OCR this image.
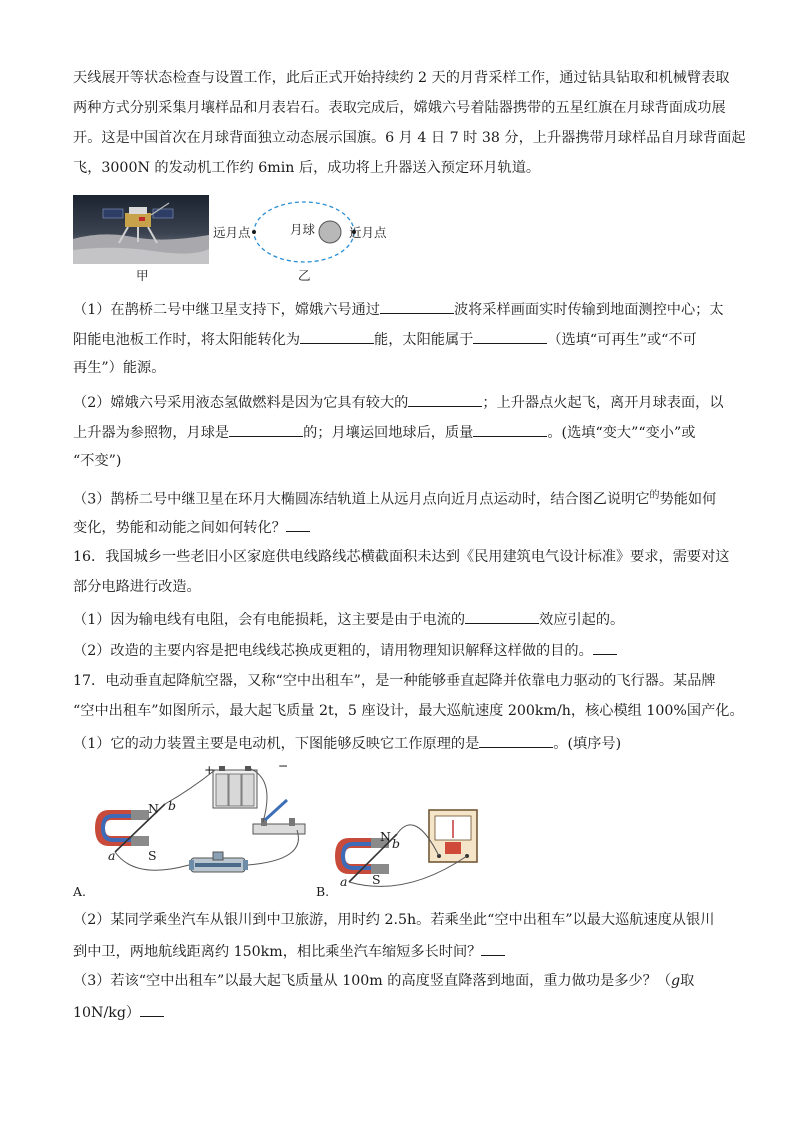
天线展开等状态检查与设置工作，此后正式开始持续约 2 天的月背采样工作，通过钻具钻取和机械臂表取
两种方式分别采集月壤样品和月表岩石。表取完成后，嫦娥六号着陆器携带的五星红旗在月球背面成功展
开。这是中国首次在月球背面独立动态展示国旗。6 月 4 日 7 时 38 分，上升器携带月球样品自月球背面起
飞，3000N 的发动机工作约 6min 后，成功将上升器送入预定环月轨道。
甲
远月点	月球	近月点
乙
（1）在鹊桥二号中继卫星支持下，嫦娥六号通过	波将采样画面实时传输到地面测控中心；太
阳能电池板工作时，将太阳能转化为	能，太阳能属于	（选填“可再生”或“不可
再生”）能源。
（2）嫦娥六号采用液态氢做燃料是因为它具有较大的	；上升器点火起飞，离开月球表面，以
上升器为参照物，月球是	的；月壤运回地球后，质量	。(选填“变大”“变小”或
“不变”)
（3）鹊桥二号中继卫星在环月大椭圆冻结轨道上从远月点向近月点运动时，结合图乙说明它$^的$势能如何
变化，势能和动能之间如何转化？
16．我国城乡一些老旧小区家庭供电线路线芯横截面积未达到《民用建筑电气设计标准》要求，需要对这
部分电路进行改造。
（1）因为输电线有电阻，会有电能损耗，这主要是由于电流的	效应引起的。
（2）改造的主要内容是把电线线芯换成更粗的，请用物理知识解释这样做的目的。
17．电动垂直起降航空器，又称“空中出租车”，是一种能够垂直起降并依靠电力驱动的飞行器。某品牌
“空中出租车”如图所示，最大起飞质量 2t，5 座设计，最大巡航速度 200km/h，核心模组 100%国产化。
（1）它的动力装置主要是电动机，下图能够反映它工作原理的是	。(填序号)
N
S
a
b
+	−
A.
N
S
a
b
B.
（2）某同学乘坐汽车从银川到中卫旅游，用时约 2.5h。若乘坐此“空中出租车”以最大巡航速度从银川
到中卫，两地航线距离约 150km，相比乘坐汽车缩短多长时间？
（3）若该“空中出租车”以最大起飞质量从 100m 的高度竖直降落到地面，重力做功是多少？（g取
10N/kg）
